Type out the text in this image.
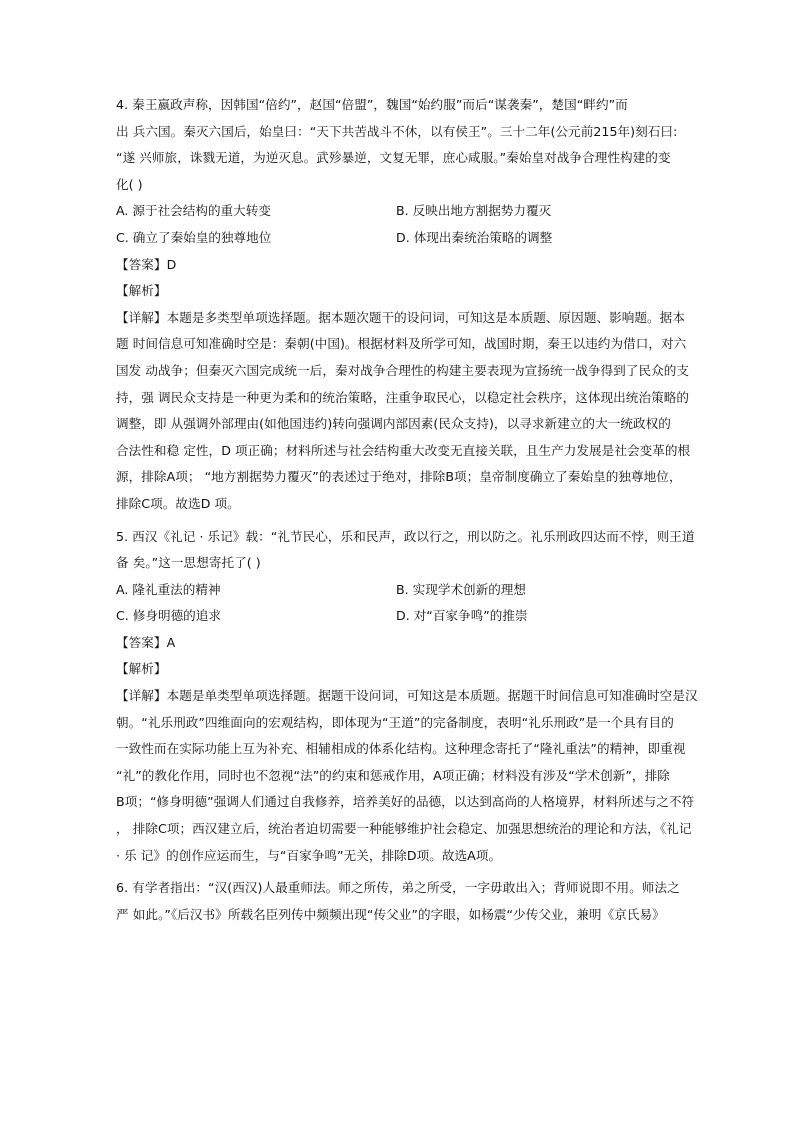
4. 秦王嬴政声称，因韩国“倍约”，赵国“倍盟”，魏国“始约服”而后“谋袭秦”，楚国“畔约”而
出 兵六国。秦灭六国后，始皇曰：“天下共苦战斗不休，以有侯王”。三十二年(公元前215年)刻石曰:
“遂 兴师旅，诛戮无道，为逆灭息。武殄暴逆，文复无罪，庶心咸服。”秦始皇对战争合理性构建的变
化( )
A. 源于社会结构的重大转变	B. 反映出地方割据势力覆灭
C. 确立了秦始皇的独尊地位	D. 体现出秦统治策略的调整
【答案】D
【解析】
【详解】本题是多类型单项选择题。据本题次题干的设问词，可知这是本质题、原因题、影响题。据本
题 时间信息可知准确时空是：秦朝(中国)。根据材料及所学可知，战国时期，秦王以违约为借口，对六
国发 动战争；但秦灭六国完成统一后，秦对战争合理性的构建主要表现为宣扬统一战争得到了民众的支
持，强 调民众支持是一种更为柔和的统治策略，注重争取民心，以稳定社会秩序，这体现出统治策略的
调整，即 从强调外部理由(如他国违约)转向强调内部因素(民众支持)，以寻求新建立的大一统政权的
合法性和稳 定性，D 项正确；材料所述与社会结构重大改变无直接关联，且生产力发展是社会变革的根
源，排除A项； “地方割据势力覆灭”的表述过于绝对，排除B项；皇帝制度确立了秦始皇的独尊地位，
排除C项。故选D 项。
5. 西汉《礼记 · 乐记》载：“礼节民心，乐和民声，政以行之，刑以防之。礼乐刑政四达而不悖，则王道
备 矣。”这一思想寄托了( )
A. 隆礼重法的精神	B. 实现学术创新的理想
C. 修身明德的追求	D. 对“百家争鸣”的推崇
【答案】A
【解析】
【详解】本题是单类型单项选择题。据题干设问词，可知这是本质题。据题干时间信息可知准确时空是汉
朝。“礼乐刑政”四维面向的宏观结构，即体现为“王道”的完备制度，表明“礼乐刑政”是一个具有目的
一致性而在实际功能上互为补充、相辅相成的体系化结构。这种理念寄托了“隆礼重法”的精神，即重视
“礼”的教化作用，同时也不忽视“法”的约束和惩戒作用，A项正确；材料没有涉及“学术创新”，排除
B项；“修身明德”强调人们通过自我修养，培养美好的品德，以达到高尚的人格境界，材料所述与之不符
， 排除C项；西汉建立后，统治者迫切需要一种能够维护社会稳定、加强思想统治的理论和方法，《礼记
· 乐 记》的创作应运而生，与“百家争鸣”无关，排除D项。故选A项。
6. 有学者指出：“汉(西汉)人最重师法。师之所传，弟之所受，一字毋敢出入；背师说即不用。师法之
严 如此。”《后汉书》所载名臣列传中频频出现“传父业”的字眼，如杨震“少传父业，兼明《京氏易》
